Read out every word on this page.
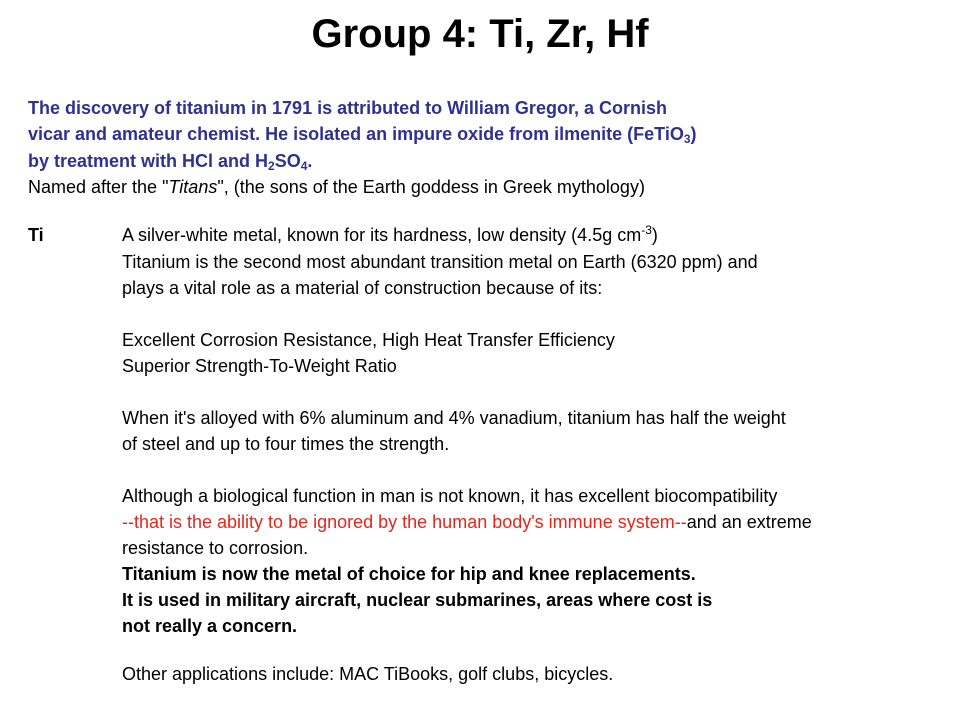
Group 4: Ti, Zr, Hf
The discovery of titanium in 1791 is attributed to William Gregor, a Cornish
vicar and amateur chemist. He isolated an impure oxide from ilmenite (FeTiO$_3$)
by treatment with HCl and $H_2SO_4$.
Named after the "Titans", (the sons of the Earth goddess in Greek mythology)
Ti	A silver-white metal, known for its hardness, low density (4.5g $cm^{-3}$)
Titanium is the second most abundant transition metal on Earth (6320 ppm) and
plays a vital role as a material of construction because of its:
Excellent Corrosion Resistance, High Heat Transfer Efficiency
Superior Strength-To-Weight Ratio
When it's alloyed with 6% aluminum and 4% vanadium, titanium has half the weight
of steel and up to four times the strength.
Although a biological function in man is not known, it has excellent biocompatibility
--that is the ability to be ignored by the human body's immune system--and an extreme
resistance to corrosion.
Titanium is now the metal of choice for hip and knee replacements.
It is used in military aircraft, nuclear submarines, areas where cost is
not really a concern.
Other applications include: MAC TiBooks, golf clubs, bicycles.
